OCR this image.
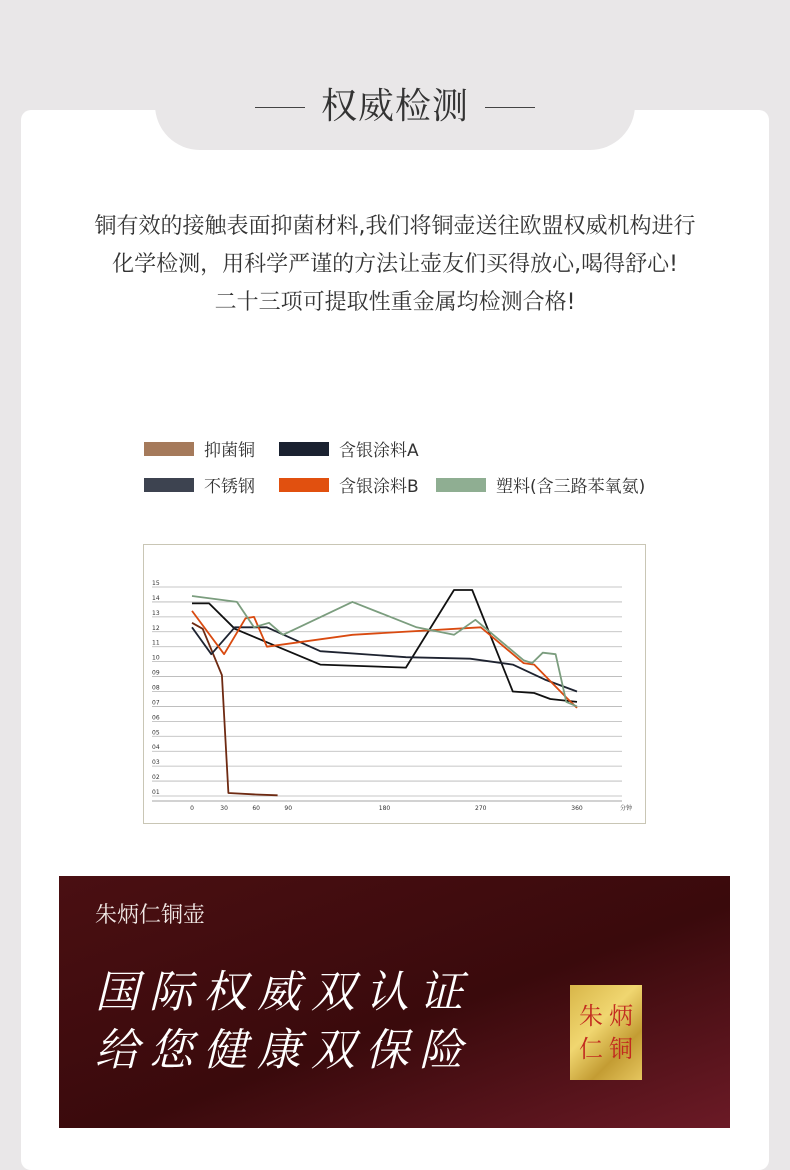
权威检测
铜有效的接触表面抑菌材料,我们将铜壶送往欧盟权威机构进行
化学检测，用科学严谨的方法让壶友们买得放心,喝得舒心!
二十三项可提取性重金属均检测合格!
抑菌铜	含银涂料A
不锈钢	含银涂料B	塑料(含三路苯氧氨)
01
02
03
04
05
06
07
08
09
10
11
12
13
14
15
0	30	60	90	180	270	360	分钟
朱炳仁铜壶
国际权威双认证
给您健康双保险
朱 炳
仁 铜
